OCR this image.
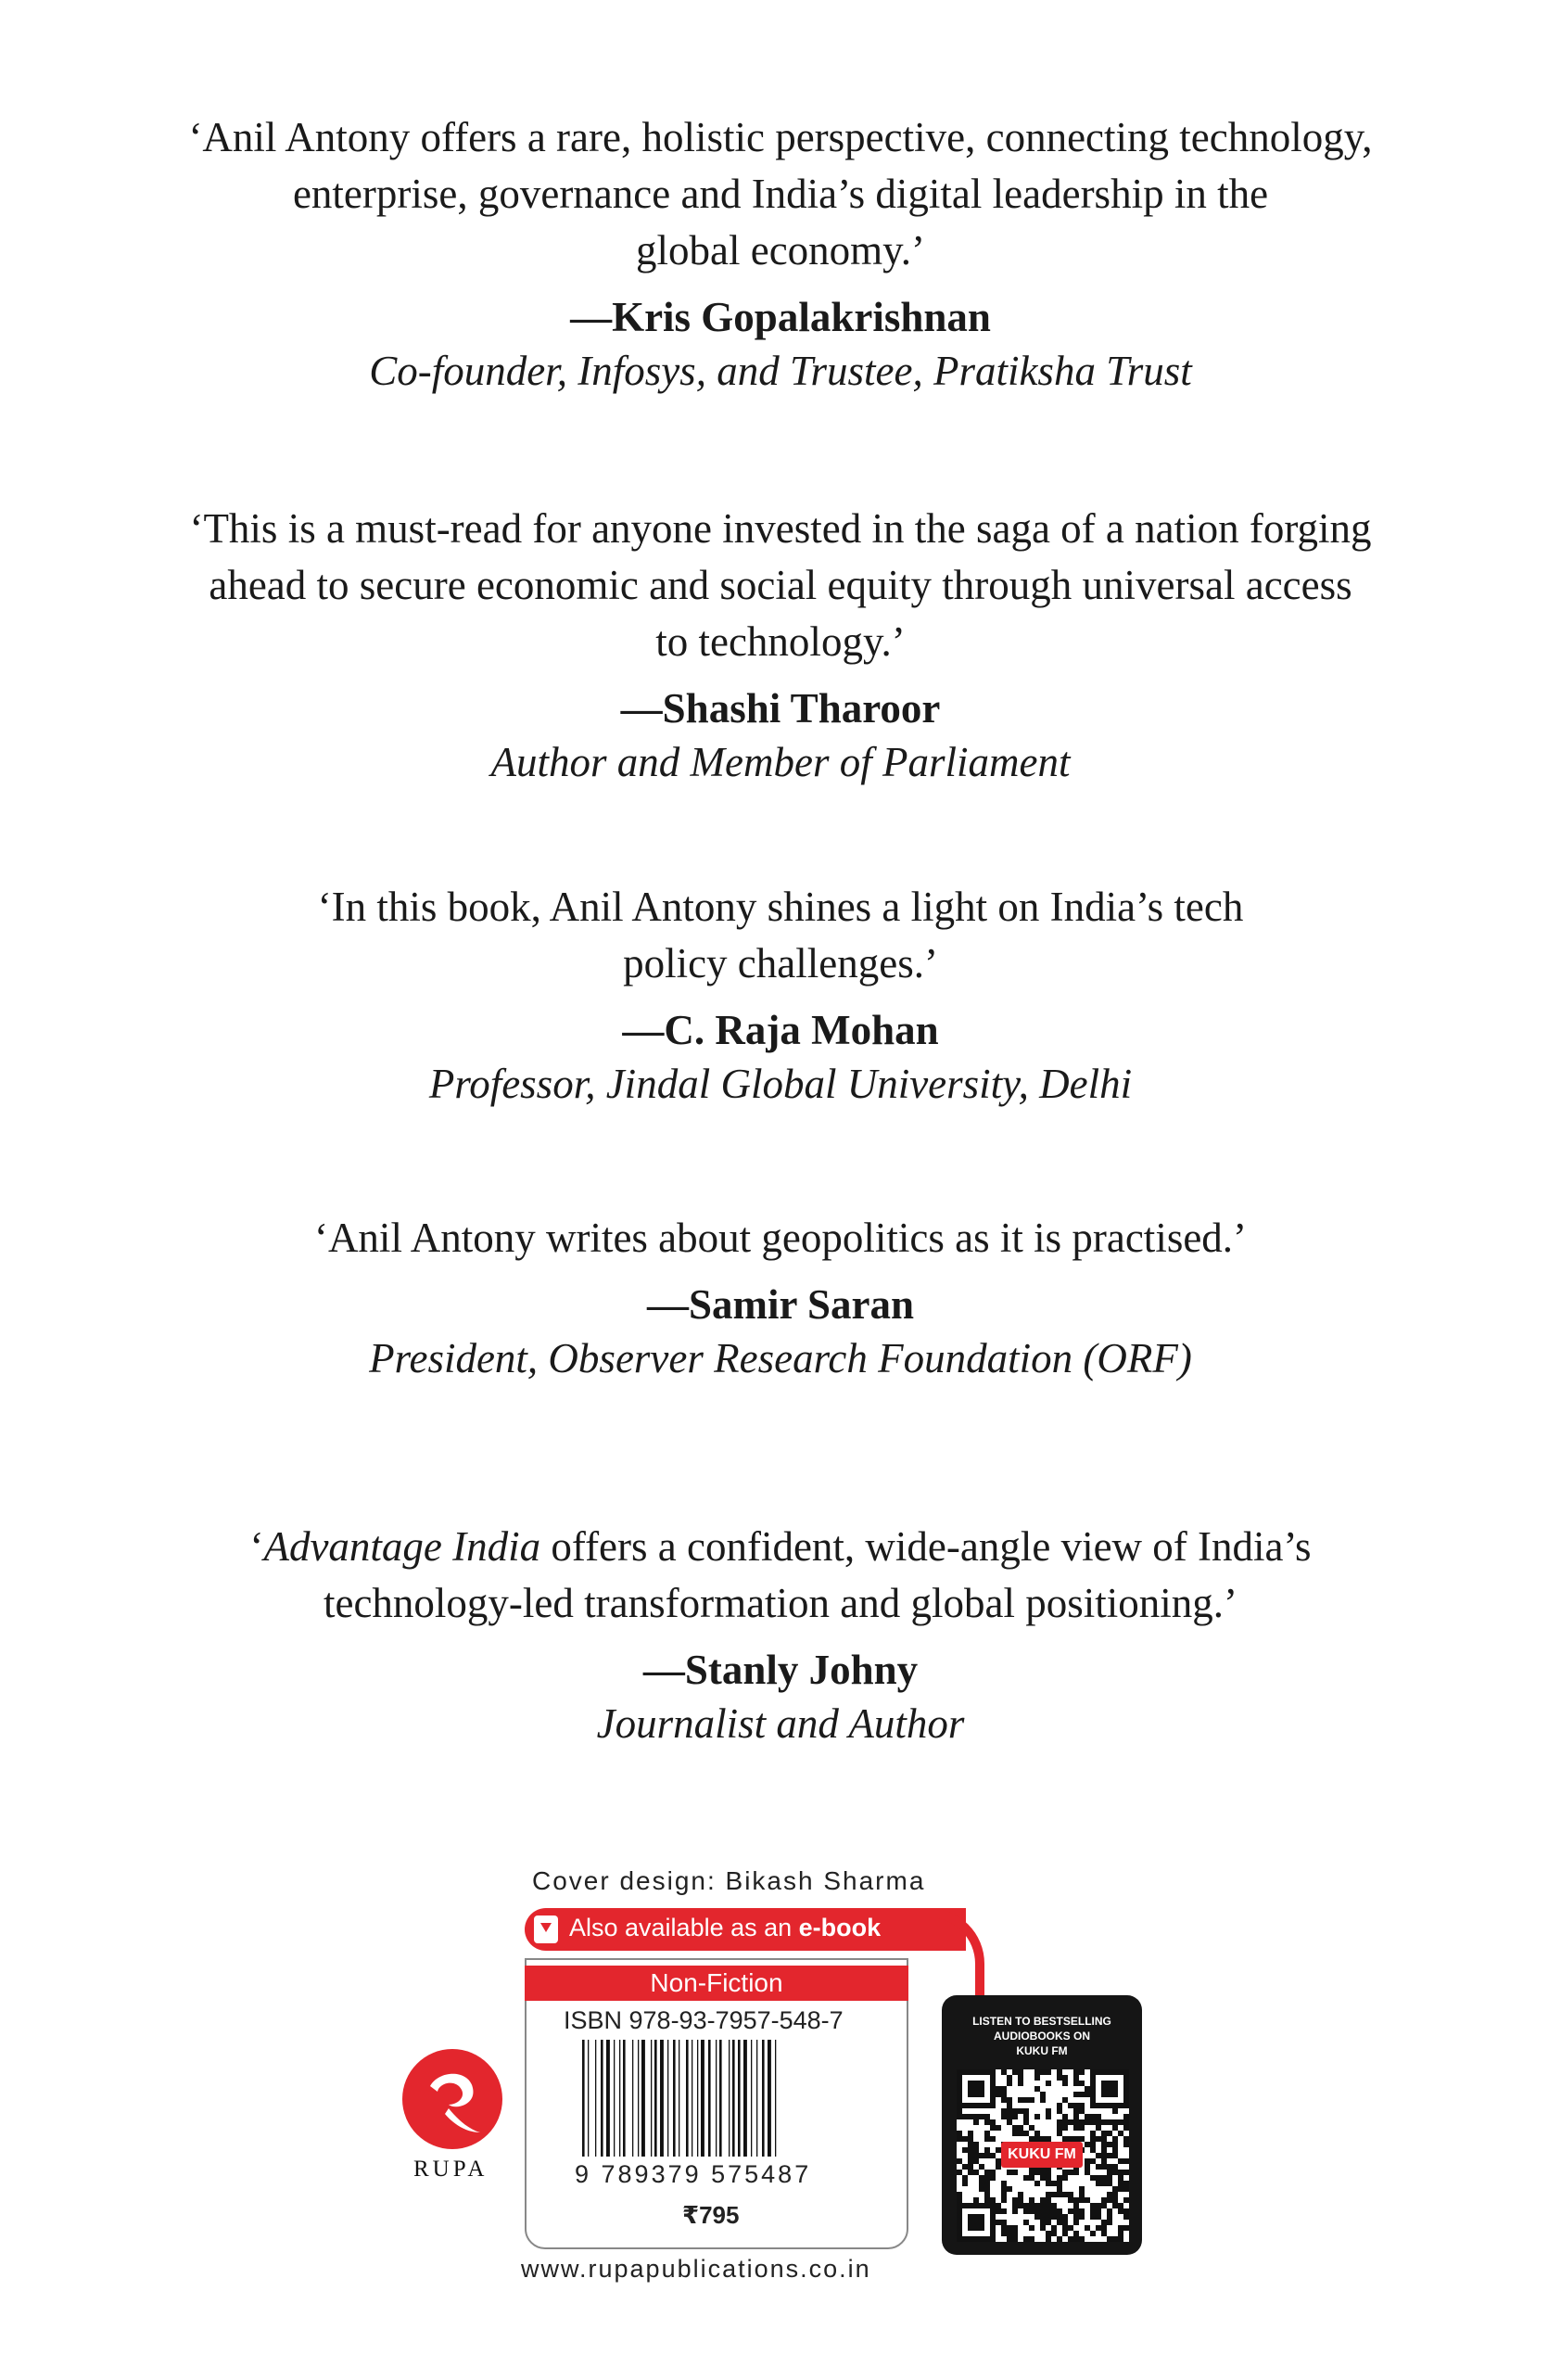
‘Anil Antony offers a rare, holistic perspective, connecting technology,
enterprise, governance and India’s digital leadership in the
global economy.’

—Kris Gopalakrishnan

Co-founder, Infosys, and Trustee, Pratiksha Trust

‘This is a must-read for anyone invested in the saga of a nation forging
ahead to secure economic and social equity through universal access
to technology.’

—Shashi Tharoor

Author and Member of Parliament

‘In this book, Anil Antony shines a light on India’s tech
policy challenges.’

—C. Raja Mohan

Professor, Jindal Global University, Delhi

‘Anil Antony writes about geopolitics as it is practised.’

—Samir Saran

President, Observer Research Foundation (ORF)

‘Advantage India offers a confident, wide-angle view of India’s
technology-led transformation and global positioning.’

—Stanly Johny

Journalist and Author

Cover design: Bikash Sharma
Also available as an e-book
Non-Fiction
ISBN 978-93-7957-548-7
9 789379 575487
₹795
www.rupapublications.co.in
RUPA
LISTEN TO BESTSELLING
AUDIOBOOKS ON
KUKU FM
KUKU FM
